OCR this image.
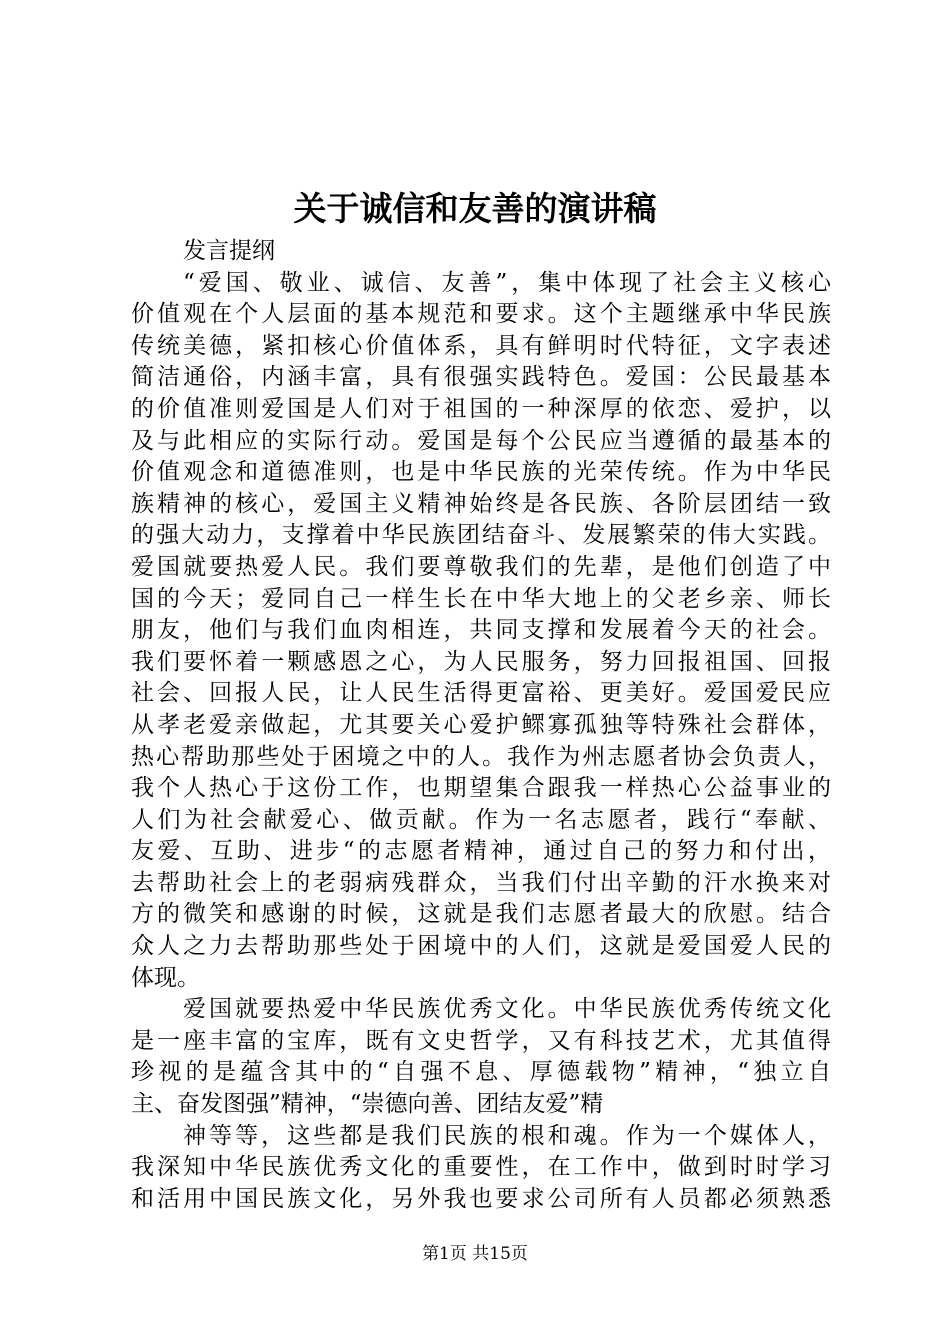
关于诚信和友善的演讲稿
发言提纲
“爱国、敬业、诚信、友善”，集中体现了社会主义核心
价值观在个人层面的基本规范和要求。这个主题继承中华民族
传统美德，紧扣核心价值体系，具有鲜明时代特征，文字表述
简洁通俗，内涵丰富，具有很强实践特色。爱国：公民最基本
的价值准则爱国是人们对于祖国的一种深厚的依恋、爱护，以
及与此相应的实际行动。爱国是每个公民应当遵循的最基本的
价值观念和道德准则，也是中华民族的光荣传统。作为中华民
族精神的核心，爱国主义精神始终是各民族、各阶层团结一致
的强大动力，支撑着中华民族团结奋斗、发展繁荣的伟大实践。
爱国就要热爱人民。我们要尊敬我们的先辈，是他们创造了中
国的今天；爱同自己一样生长在中华大地上的父老乡亲、师长
朋友，他们与我们血肉相连，共同支撑和发展着今天的社会。
我们要怀着一颗感恩之心，为人民服务，努力回报祖国、回报
社会、回报人民，让人民生活得更富裕、更美好。爱国爱民应
从孝老爱亲做起，尤其要关心爱护鳏寡孤独等特殊社会群体，
热心帮助那些处于困境之中的人。我作为州志愿者协会负责人，
我个人热心于这份工作，也期望集合跟我一样热心公益事业的
人们为社会献爱心、做贡献。作为一名志愿者，践行“奉献、
友爱、互助、进步“的志愿者精神，通过自己的努力和付出，
去帮助社会上的老弱病残群众，当我们付出辛勤的汗水换来对
方的微笑和感谢的时候，这就是我们志愿者最大的欣慰。结合
众人之力去帮助那些处于困境中的人们，这就是爱国爱人民的
体现。
爱国就要热爱中华民族优秀文化。中华民族优秀传统文化
是一座丰富的宝库，既有文史哲学，又有科技艺术，尤其值得
珍视的是蕴含其中的“自强不息、厚德载物”精神，“独立自
主、奋发图强”精神，“崇德向善、团结友爱”精
神等等，这些都是我们民族的根和魂。作为一个媒体人，
我深知中华民族优秀文化的重要性，在工作中，做到时时学习
和活用中国民族文化，另外我也要求公司所有人员都必须熟悉
第1页 共15页
